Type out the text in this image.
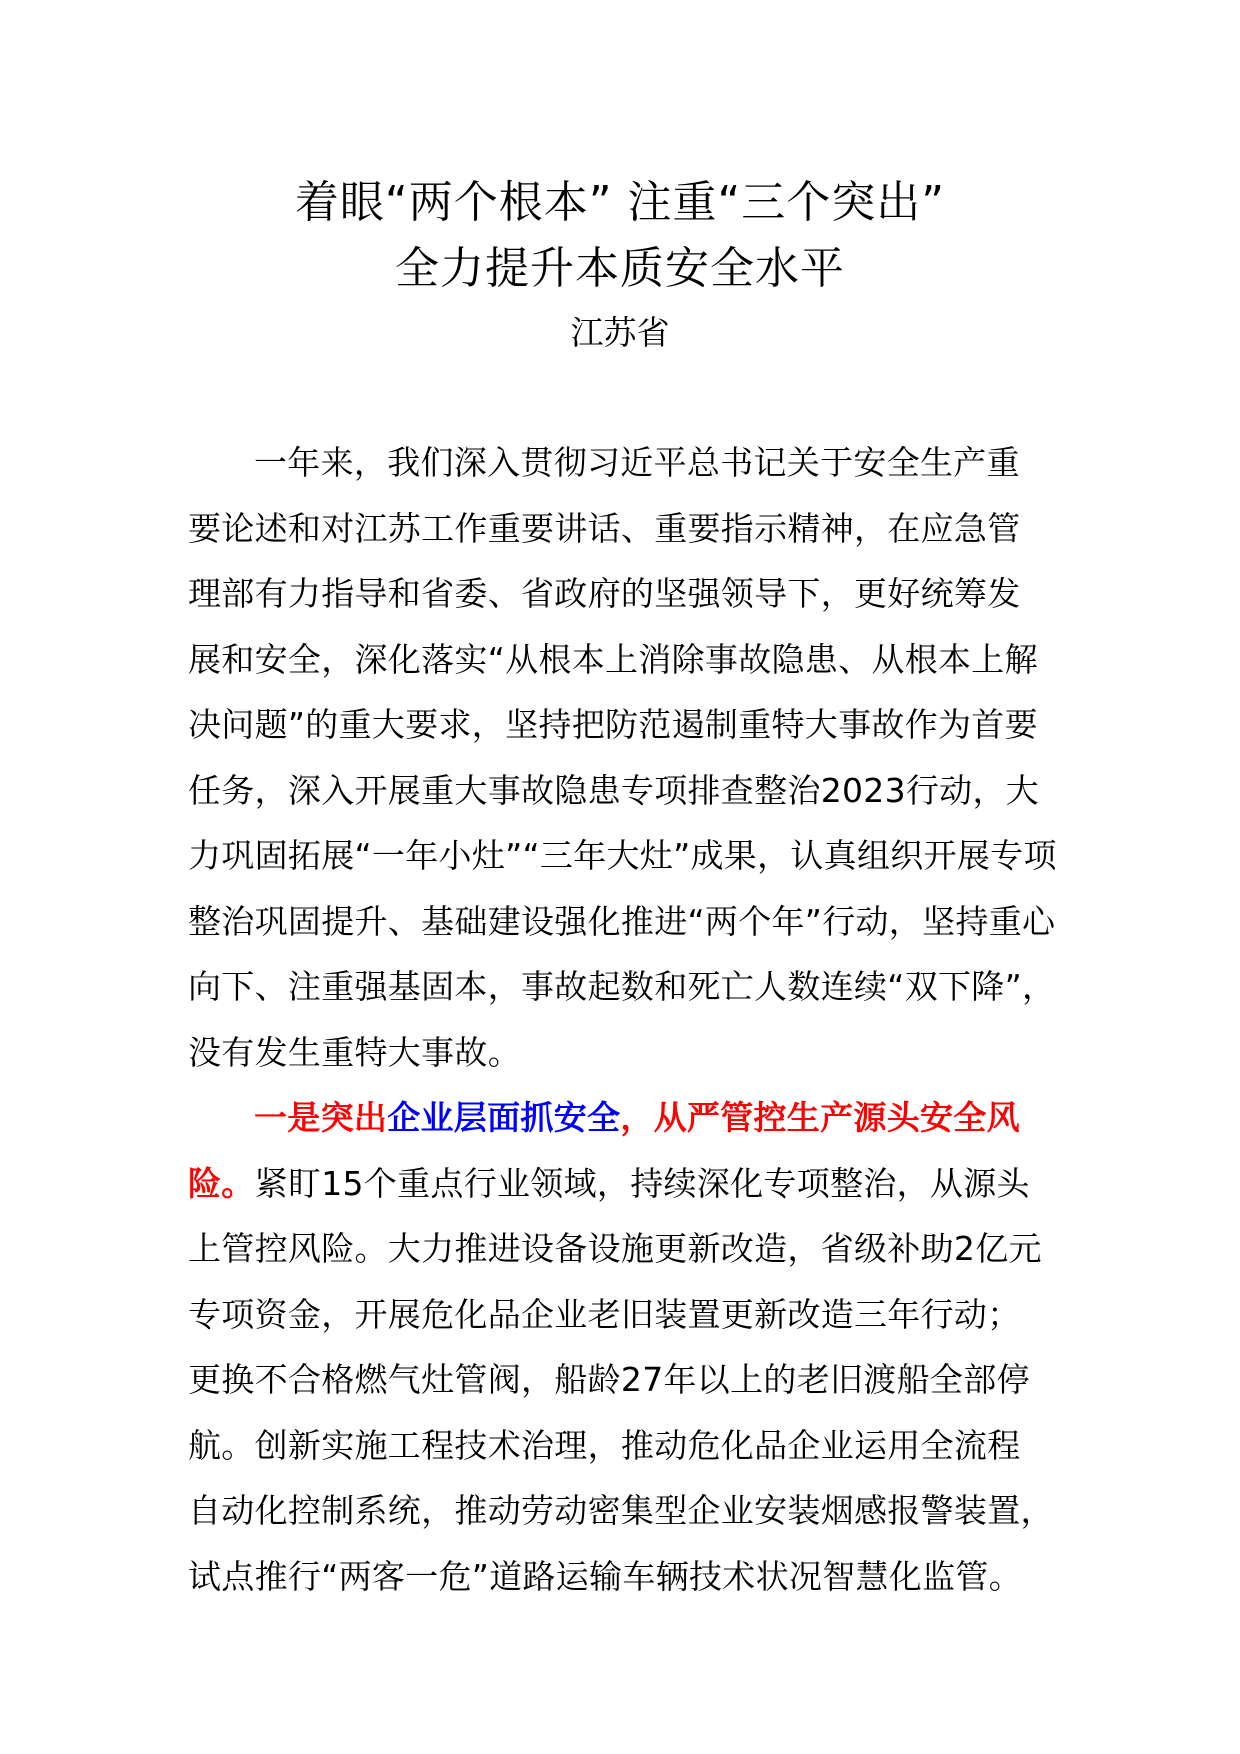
着眼“两个根本” 注重“三个突出”
全力提升本质安全水平
江苏省
一年来，我们深入贯彻习近平总书记关于安全生产重
要论述和对江苏工作重要讲话、重要指示精神，在应急管
理部有力指导和省委、省政府的坚强领导下，更好统筹发
展和安全，深化落实“从根本上消除事故隐患、从根本上解
决问题”的重大要求，坚持把防范遏制重特大事故作为首要
任务，深入开展重大事故隐患专项排查整治2023行动，大
力巩固拓展“一年小灶”“三年大灶”成果，认真组织开展专项
整治巩固提升、基础建设强化推进“两个年”行动，坚持重心
向下、注重强基固本，事故起数和死亡人数连续“双下降”，
没有发生重特大事故。
一是突出企业层面抓安全，从严管控生产源头安全风
险。紧盯15个重点行业领域，持续深化专项整治，从源头
上管控风险。大力推进设备设施更新改造，省级补助2亿元
专项资金，开展危化品企业老旧装置更新改造三年行动；
更换不合格燃气灶管阀，船龄27年以上的老旧渡船全部停
航。创新实施工程技术治理，推动危化品企业运用全流程
自动化控制系统，推动劳动密集型企业安装烟感报警装置，
试点推行“两客一危”道路运输车辆技术状况智慧化监管。
